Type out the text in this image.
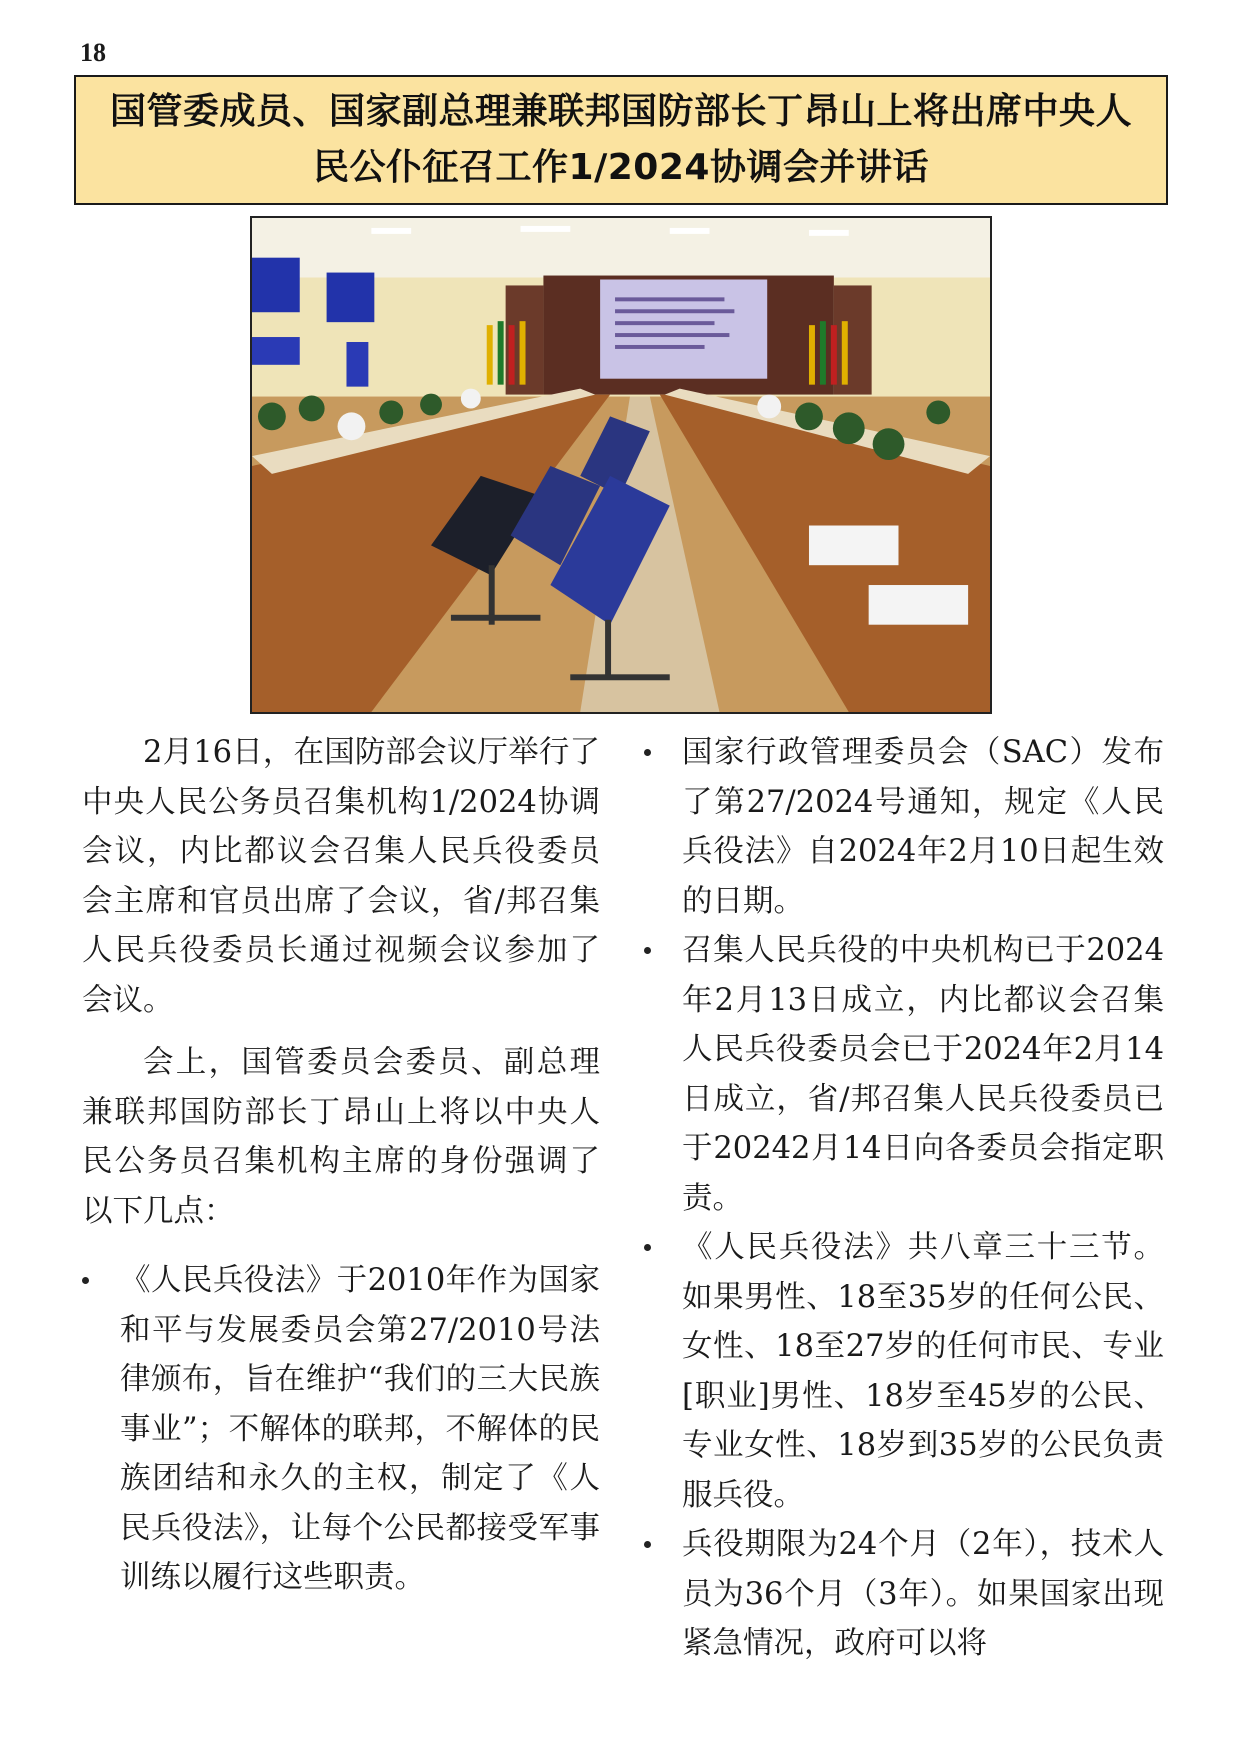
18
国管委成员、国家副总理兼联邦国防部长丁昂山上将出席中央人
民公仆征召工作1/2024协调会并讲话

2月16日，在国防部会议厅举行了中央人民公务员召集机构1/2024协调会议，内比都议会召集人民兵役委员会主席和官员出席了会议，省/邦召集人民兵役委员长通过视频会议参加了会议。

会上，国管委员会委员、副总理兼联邦国防部长丁昂山上将以中央人民公务员召集机构主席的身份强调了以下几点：

《人民兵役法》于2010年作为国家和平与发展委员会第27/2010号法律颁布，旨在维护“我们的三大民族事业”；不解体的联邦，不解体的民族团结和永久的主权，制定了《人民兵役法》，让每个公民都接受军事训练以履行这些职责。
国家行政管理委员会（SAC）发布了第27/2024号通知，规定《人民兵役法》自2024年2月10日起生效的日期。
召集人民兵役的中央机构已于2024年2月13日成立，内比都议会召集人民兵役委员会已于2024年2月14日成立，省/邦召集人民兵役委员已于20242月14日向各委员会指定职责。
《人民兵役法》共八章三十三节。如果男性、18至35岁的任何公民、女性、18至27岁的任何市民、专业[职业]男性、18岁至45岁的公民、专业女性、18岁到35岁的公民负责服兵役。
兵役期限为24个月（2年），技术人员为36个月（3年）。如果国家出现紧急情况，政府可以将
